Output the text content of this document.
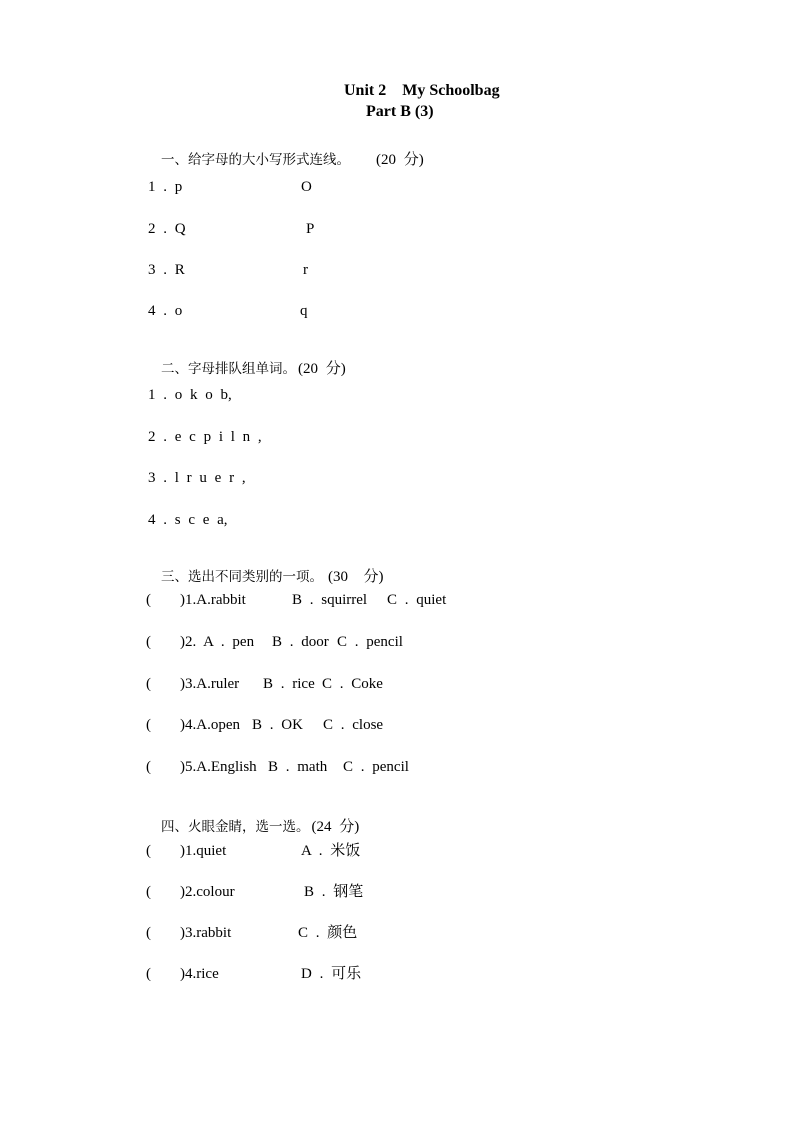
Unit 2    My Schoolbag
Part B (3)

一、给字母的大小写形式连线。 (20 分)

1 . p	O
2 . Q	P
3 . R	r
4 . o	q

二、字母排队组单词。 (20 分)

1 . o k o b,
2 . e c p i l n ,
3 . l r u e r ,
4 . s c e a,

三、选出不同类别的一项。 (30  分)

( )1.A.rabbit	B . squirrel C . quiet
( )2. A . pen B . door C . pencil
( )3.A.ruler B . rice C . Coke
( )4.A.open B . OK C . close
( )5.A.English B . math C . pencil

四、火眼金睛，选一选。 (24 分)

( )1.quiet	A . 米饭
( )2.colour	B . 钢笔
( )3.rabbit	C . 颜色
( )4.rice	D . 可乐
